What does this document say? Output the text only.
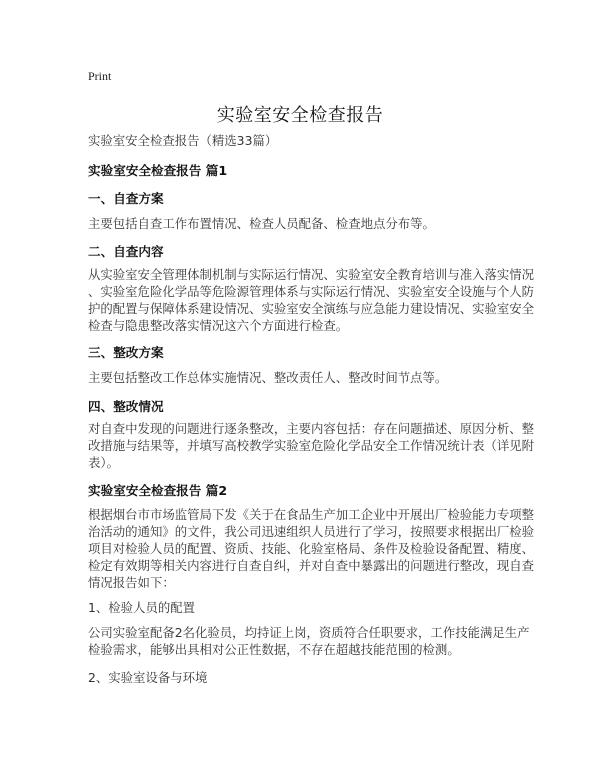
Print
实验室安全检查报告
实验室安全检查报告（精选33篇）
实验室安全检查报告 篇1
一、自查方案
主要包括自查工作布置情况、检查人员配备、检查地点分布等。
二、自查内容
从实验室安全管理体制机制与实际运行情况、实验室安全教育培训与准入落实情况
、实验室危险化学品等危险源管理体系与实际运行情况、实验室安全设施与个人防
护的配置与保障体系建设情况、实验室安全演练与应急能力建设情况、实验室安全
检查与隐患整改落实情况这六个方面进行检查。
三、整改方案
主要包括整改工作总体实施情况、整改责任人、整改时间节点等。
四、整改情况
对自查中发现的问题进行逐条整改，主要内容包括：存在问题描述、原因分析、整
改措施与结果等，并填写高校教学实验室危险化学品安全工作情况统计表（详见附
表）。
实验室安全检查报告 篇2
根据烟台市市场监管局下发《关于在食品生产加工企业中开展出厂检验能力专项整
治活动的通知》的文件，我公司迅速组织人员进行了学习，按照要求根据出厂检验
项目对检验人员的配置、资质、技能、化验室格局、条件及检验设备配置、精度、
检定有效期等相关内容进行自查自纠，并对自查中暴露出的问题进行整改，现自查
情况报告如下：
1、检验人员的配置
公司实验室配备2名化验员，均持证上岗，资质符合任职要求，工作技能满足生产
检验需求，能够出具相对公正性数据，不存在超越技能范围的检测。
2、实验室设备与环境
